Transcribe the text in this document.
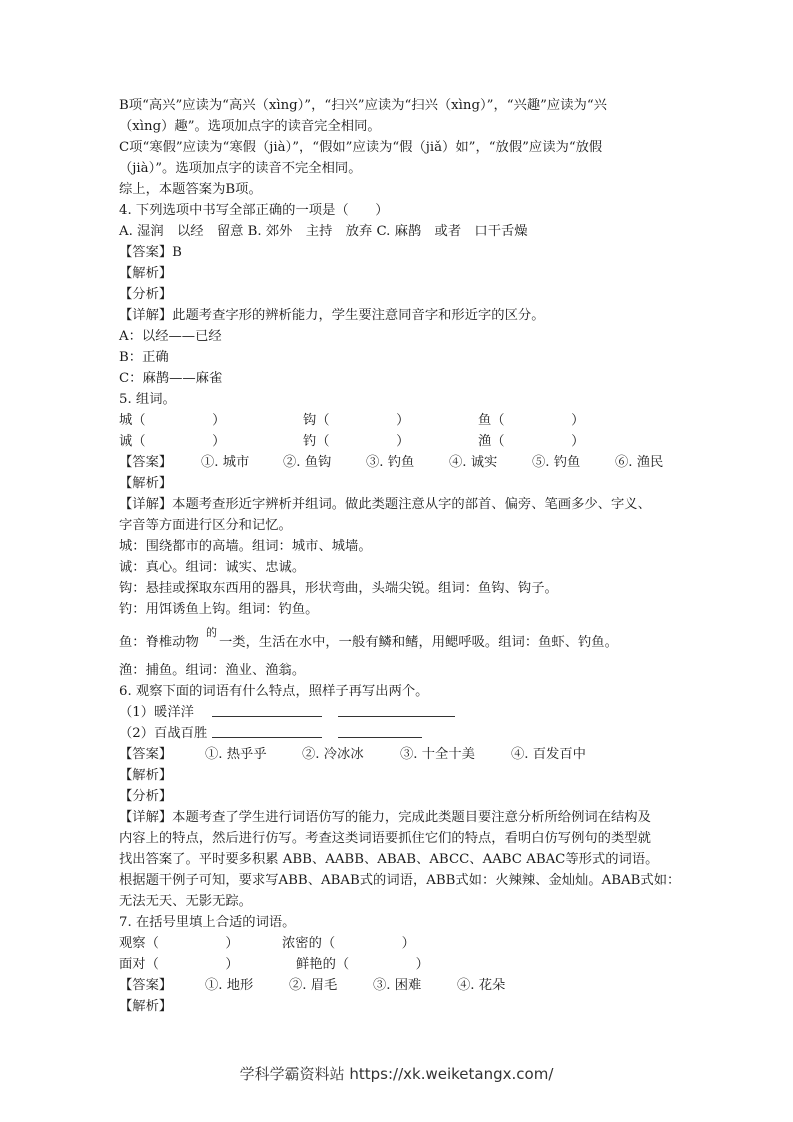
B项“高兴”应读为“高兴（xìng）”，“扫兴”应读为“扫兴（xìng）”，“兴趣”应读为“兴
（xìng）趣”。选项加点字的读音完全相同。
C项“寒假”应读为“寒假（jià）”，“假如”应读为“假（jiǎ）如”，“放假”应读为“放假
（jià）”。选项加点字的读音不完全相同。
综上，本题答案为B项。
4. 下列选项中书写全部正确的一项是（　　）
A. 湿润　以经　留意 B. 郊外　主持　放弃 C. 麻鹊　或者　口干舌燥
【答案】B
【解析】
【分析】
【详解】此题考查字形的辨析能力，学生要注意同音字和形近字的区分。
A：以经——已经
B：正确
C：麻鹊——麻雀
5. 组词。
城（　　　　　）	钩（　　　　　）	鱼（　　　　　）
诚（　　　　　）	钓（　　　　　）	渔（　　　　　）
【答案】 ①. 城市	②. 鱼钩	③. 钓鱼	④. 诚实	⑤. 钓鱼	⑥. 渔民
【解析】
【详解】本题考查形近字辨析并组词。做此类题注意从字的部首、偏旁、笔画多少、字义、
字音等方面进行区分和记忆。
城：围绕都市的高墙。组词：城市、城墙。
诚：真心。组词：诚实、忠诚。
钩：悬挂或探取东西用的器具，形状弯曲，头端尖锐。组词：鱼钩、钩子。
钓：用饵诱鱼上钩。组词：钓鱼。
鱼：脊椎动物
的
一类，生活在水中，一般有鳞和鳍，用鳃呼吸。组词：鱼虾、钓鱼。
渔：捕鱼。组词：渔业、渔翁。
6. 观察下面的词语有什么特点，照样子再写出两个。
（1）暖洋洋
（2）百战百胜
【答案】 ①. 热乎乎	②. 冷冰冰	③. 十全十美	④. 百发百中
【解析】
【分析】
【详解】本题考查了学生进行词语仿写的能力，完成此类题目要注意分析所给例词在结构及
内容上的特点，然后进行仿写。考查这类词语要抓住它们的特点，看明白仿写例句的类型就
找出答案了。平时要多积累 ABB、AABB、ABAB、ABCC、AABC ABAC等形式的词语。
根据题干例子可知，要求写ABB、ABAB式的词语，ABB式如：火辣辣、金灿灿。ABAB式如：
无法无天、无影无踪。
7. 在括号里填上合适的词语。
观察（　　　　　）	浓密的（　　　　　）
面对（　　　　　）	鲜艳的（　　　　　）
【答案】 ①. 地形	②. 眉毛	③. 困难	④. 花朵
【解析】
学科学霸资料站 https://xk.weiketangx.com/
